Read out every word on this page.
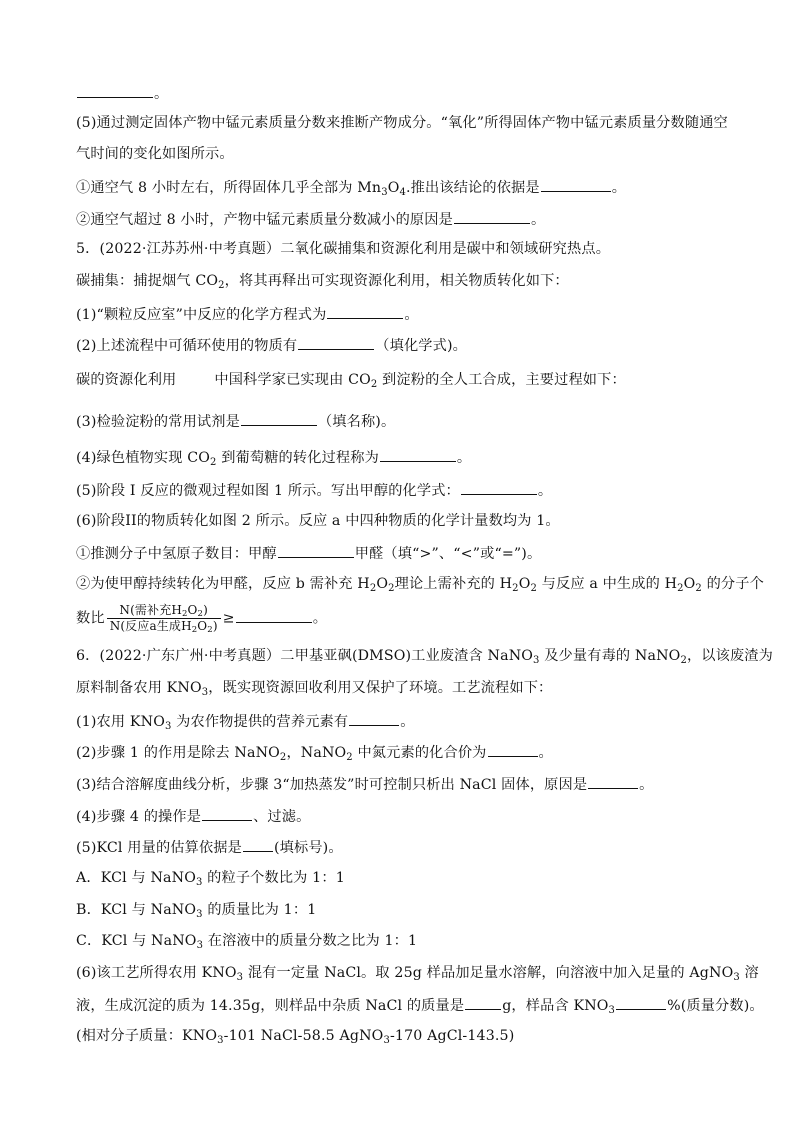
。
(5)通过测定固体产物中锰元素质量分数来推断产物成分。“氧化”所得固体产物中锰元素质量分数随通空
气时间的变化如图所示。
①通空气 8 小时左右，所得固体几乎全部为 $Mn_3O_4$.推出该结论的依据是	。
②通空气超过 8 小时，产物中锰元素质量分数减小的原因是	。
5．(2022·江苏苏州·中考真题）二氧化碳捕集和资源化利用是碳中和领域研究热点。
碳捕集：捕捉烟气 $CO_2$，将其再释出可实现资源化利用，相关物质转化如下：
(1)“颗粒反应室”中反应的化学方程式为	。
(2)上述流程中可循环使用的物质有	（填化学式)。
碳的资源化利用	中国科学家已实现由 $CO_2$ 到淀粉的全人工合成，主要过程如下：
(3)检验淀粉的常用试剂是	（填名称)。
(4)绿色植物实现 $CO_2$ 到葡萄糖的转化过程称为	。
(5)阶段 I 反应的微观过程如图 1 所示。写出甲醇的化学式：	。
(6)阶段II的物质转化如图 2 所示。反应 a 中四种物质的化学计量数均为 1。
①推测分子中氢原子数目：甲醇	甲醛（填“>”、“<”或“=”)。
②为使甲醇持续转化为甲醛，反应 b 需补充 $H_2O_2$理论上需补充的 $H_2O_2$ 与反应 a 中生成的 $H_2O_2$ 的分子个
数比 $\frac{N(需补充H_2O_2)}{N(反应a生成H_2O_2)}$ ≥	。
6．(2022·广东广州·中考真题）二甲基亚砜(DMSO)工业废渣含 NaNO$_3$ 及少量有毒的 NaNO$_2$，以该废渣为
原料制备农用 $KNO_3$，既实现资源回收利用又保护了环境。工艺流程如下：
(1)农用 $KNO_3$ 为农作物提供的营养元素有	。
(2)步骤 1 的作用是除去 NaNO$_2$，NaNO$_2$ 中氮元素的化合价为	。
(3)结合溶解度曲线分析，步骤 3“加热蒸发”时可控制只析出 NaCl 固体，原因是	。
(4)步骤 4 的操作是	、过滤。
(5)KCl 用量的估算依据是 (填标号)。
A．KCl 与 NaNO$_3$ 的粒子个数比为 1：1
B．KCl 与 NaNO$_3$ 的质量比为 1：1
C．KCl 与 NaNO$_3$ 在溶液中的质量分数之比为 1：1
(6)该工艺所得农用 $KNO_3$ 混有一定量 NaCl。取 25g 样品加足量水溶解，向溶液中加入足量的 AgNO$_3$ 溶
液，生成沉淀的质为 14.35g，则样品中杂质 NaCl 的质量是	g，样品含 $KNO_3$	%(质量分数)。
(相对分子质量：$KNO_3-101$ NaCl-58.5 AgNO$_3$-170 AgCl-143.5)
